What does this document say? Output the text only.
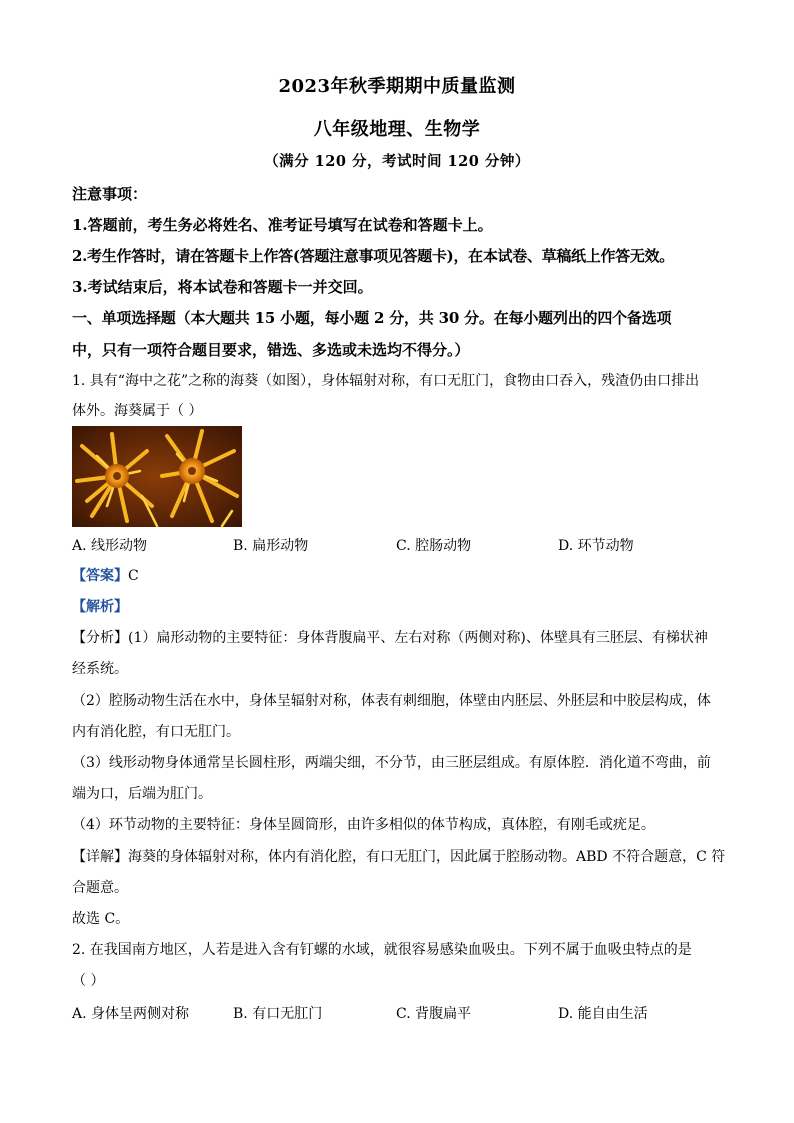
2023年秋季期期中质量监测
八年级地理、生物学
（满分 120 分，考试时间 120 分钟）
注意事项：
1.答题前，考生务必将姓名、准考证号填写在试卷和答题卡上。
2.考生作答时，请在答题卡上作答(答题注意事项见答题卡)，在本试卷、草稿纸上作答无效。
3.考试结束后，将本试卷和答题卡一并交回。
一、单项选择题（本大题共 15 小题，每小题 2 分，共 30 分。在每小题列出的四个备选项
中，只有一项符合题目要求，错选、多选或未选均不得分。）
1. 具有“海中之花”之称的海葵（如图），身体辐射对称，有口无肛门，食物由口吞入，残渣仍由口排出
体外。海葵属于（ ）
A. 线形动物	B. 扁形动物	C. 腔肠动物	D. 环节动物
【答案】C
【解析】
【分析】(1）扁形动物的主要特征：身体背腹扁平、左右对称（两侧对称)、体壁具有三胚层、有梯状神
经系统。
（2）腔肠动物生活在水中，身体呈辐射对称，体表有刺细胞，体壁由内胚层、外胚层和中胶层构成，体
内有消化腔，有口无肛门。
（3）线形动物身体通常呈长圆柱形，两端尖细，不分节，由三胚层组成。有原体腔．消化道不弯曲，前
端为口，后端为肛门。
（4）环节动物的主要特征：身体呈圆筒形，由许多相似的体节构成，真体腔，有刚毛或疣足。
【详解】海葵的身体辐射对称，体内有消化腔，有口无肛门，因此属于腔肠动物。ABD 不符合题意，C 符
合题意。
故选 C。
2. 在我国南方地区，人若是进入含有钉螺的水域，就很容易感染血吸虫。下列不属于血吸虫特点的是
（ ）
A. 身体呈两侧对称	B. 有口无肛门	C. 背腹扁平	D. 能自由生活
